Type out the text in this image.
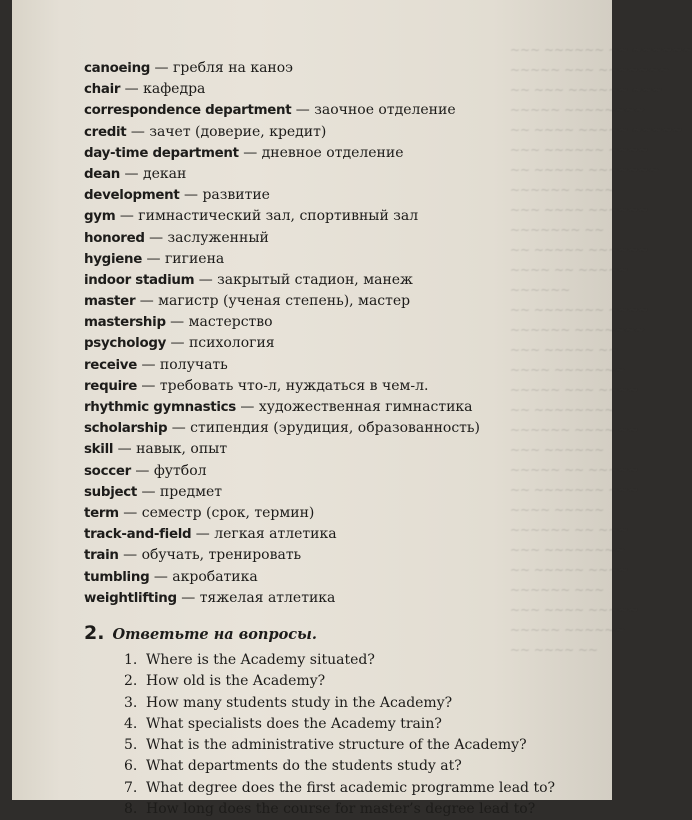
~~~ ~~~~~~ ~~ ~~~~~~
~~~~~ ~~~ ~~~~~~~
~~ ~~~ ~~~~~~ ~~~
~~~~~ ~~~~~~~~
~~ ~~~~ ~~~~~ ~~~~~
~~~ ~~~~~~ ~~~~
~~ ~~~~~ ~~~~~~~
~~~~~~ ~~~~
~~~ ~~~~ ~~~~~~
~~~~~~~ ~~
~~ ~~~~~ ~~~~~~
~~~~ ~~ ~~~~~
~~~~~~
~~ ~~~~~~~ ~~~~
~~~~~~ ~~~~~~~
~~~ ~~~~~ ~~
~~~~ ~~~~~~~
~~~~~ ~~~ ~~~~
~~ ~~~~~~~~
~~~~~~ ~~~~ ~~
~~~ ~~~~~~
~~~~~ ~~ ~~~~~
~~ ~~~~~~~ ~~~
~~~~ ~~~~~
~~~~~~ ~~ ~~~
~~~ ~~~~~~~~
~~ ~~~~~ ~~~~
~~~~~~ ~~~
~~~ ~~~~ ~~~~~
~~~~~ ~~~~~~
~~ ~~~~ ~~
canoeing — гребля на каноэ
chair — кафедра
correspondence department — заочное отделение
credit — зачет (доверие, кредит)
day-time department — дневное отделение
dean — декан
development — развитие
gym — гимнастический зал, спортивный зал
honored — заслуженный
hygiene — гигиена
indoor stadium — закрытый стадион, манеж
master — магистр (ученая степень), мастер
mastership — мастерство
psychology — психология
receive — получать
require — требовать что-л, нуждаться в чем-л.
rhythmic gymnastics — художественная гимнастика
scholarship — стипендия (эрудиция, образованность)
skill — навык, опыт
soccer — футбол
subject — предмет
term — семестр (срок, термин)
track-and-field — легкая атлетика
train — обучать, тренировать
tumbling — акробатика
weightlifting — тяжелая атлетика
2. Ответьте на вопросы.
1. Where is the Academy situated?
2. How old is the Academy?
3. How many students study in the Academy?
4. What specialists does the Academy train?
5. What is the administrative structure of the Academy?
6. What departments do the students study at?
7. What degree does the first academic programme lead to?
8. How long does the course for master’s degree lead to?
